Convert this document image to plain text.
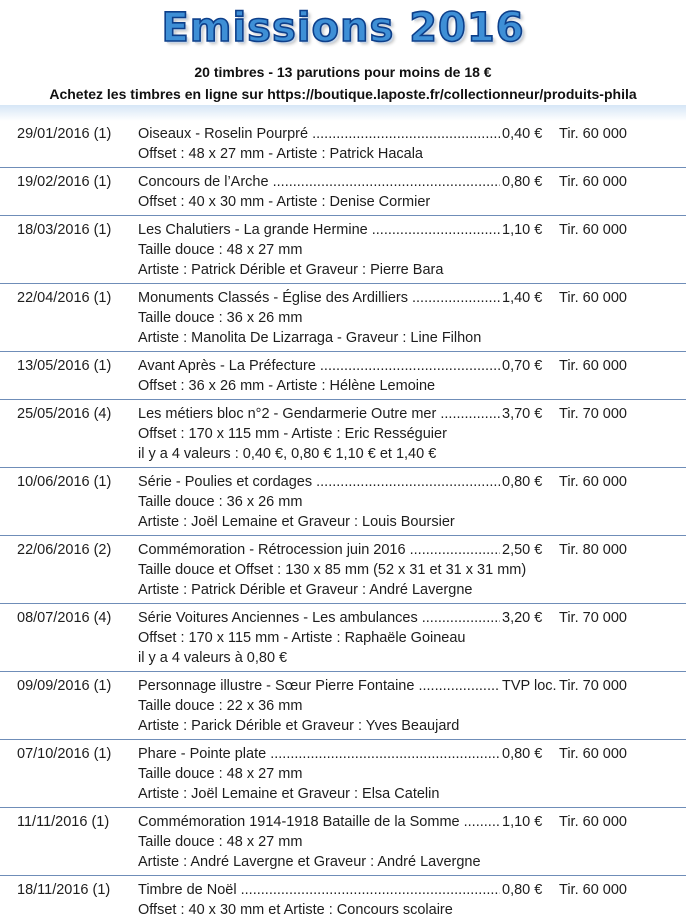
Emissions 2016
20 timbres - 13 parutions pour moins de 18 €
Achetez les timbres en ligne sur https://boutique.laposte.fr/collectionneur/produits-phila
29/01/2016 (1) Oiseaux - Roselin Pourpré .....	0,40 € Tir. 60 000
Offset : 48 x 27 mm - Artiste : Patrick Hacala
19/02/2016 (1) Concours de l’Arche .....	0,80 € Tir. 60 000
Offset : 40 x 30 mm - Artiste : Denise Cormier
18/03/2016 (1) Les Chalutiers - La grande Hermine .....	1,10 € Tir. 60 000
Taille douce : 48 x 27 mm
Artiste : Patrick Dérible et Graveur : Pierre Bara
22/04/2016 (1) Monuments Classés - Église des Ardilliers .....	1,40 € Tir. 60 000
Taille douce : 36 x 26 mm
Artiste : Manolita De Lizarraga - Graveur : Line Filhon
13/05/2016 (1) Avant Après - La Préfecture .....	0,70 € Tir. 60 000
Offset : 36 x 26 mm - Artiste : Hélène Lemoine
25/05/2016 (4) Les métiers bloc n°2 - Gendarmerie Outre mer .....	3,70 € Tir. 70 000
Offset : 170 x 115 mm - Artiste : Eric Rességuier
il y a 4 valeurs : 0,40 €, 0,80 € 1,10 € et 1,40 €
10/06/2016 (1) Série - Poulies et cordages .....	0,80 € Tir. 60 000
Taille douce : 36 x 26 mm
Artiste : Joël Lemaine et Graveur : Louis Boursier
22/06/2016 (2) Commémoration - Rétrocession juin 2016 .....	2,50 € Tir. 80 000
Taille douce et Offset : 130 x 85 mm (52 x 31 et 31 x 31 mm)
Artiste : Patrick Dérible et Graveur : André Lavergne
08/07/2016 (4) Série Voitures Anciennes - Les ambulances .....	3,20 € Tir. 70 000
Offset : 170 x 115 mm - Artiste : Raphaële Goineau
il y a 4 valeurs à 0,80 €
09/09/2016 (1) Personnage illustre - Sœur Pierre Fontaine .....	TVP loc. Tir. 70 000
Taille douce : 22 x 36 mm
Artiste : Parick Dérible et Graveur : Yves Beaujard
07/10/2016 (1) Phare - Pointe plate .....	0,80 € Tir. 60 000
Taille douce : 48 x 27 mm
Artiste : Joël Lemaine et Graveur : Elsa Catelin
11/11/2016 (1) Commémoration 1914-1918 Bataille de la Somme .....	1,10 € Tir. 60 000
Taille douce : 48 x 27 mm
Artiste : André Lavergne et Graveur : André Lavergne
18/11/2016 (1) Timbre de Noël .....	0,80 € Tir. 60 000
Offset : 40 x 30 mm et Artiste : Concours scolaire
